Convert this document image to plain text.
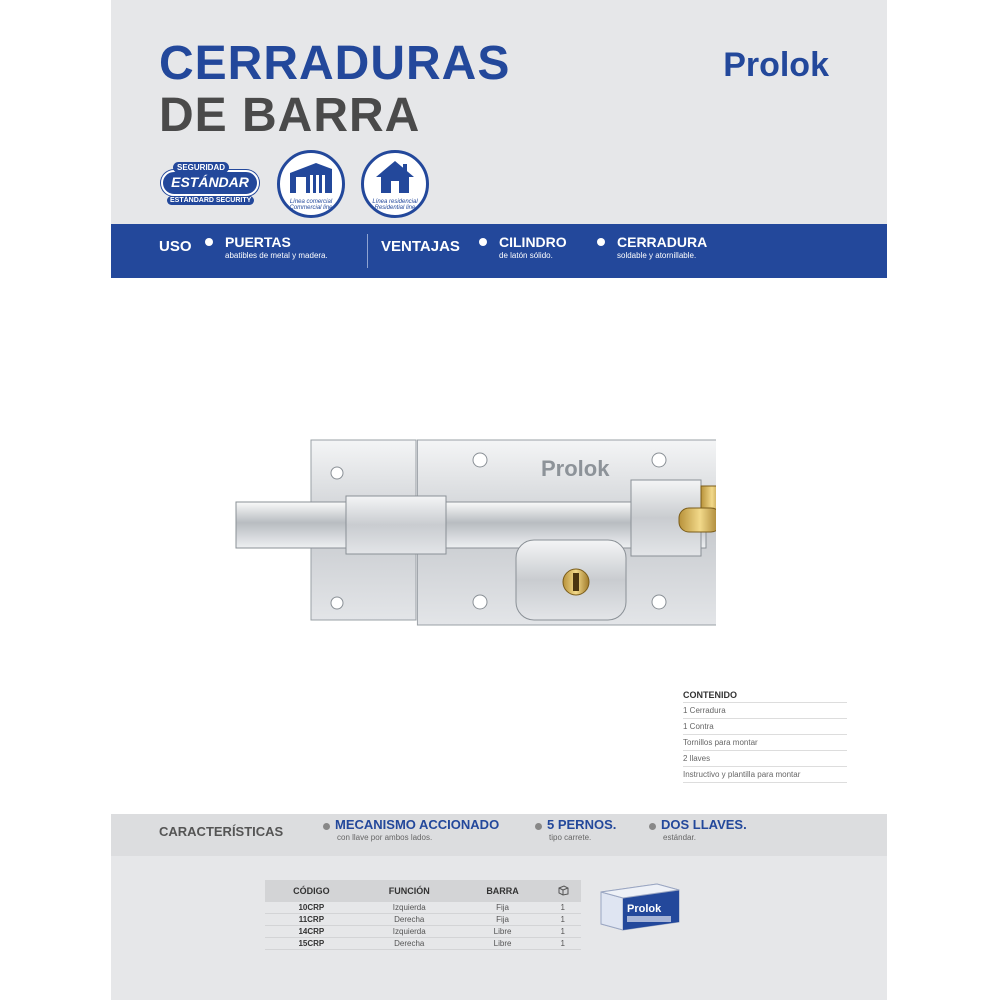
CERRADURAS
DE BARRA
Prolok
SEGURIDAD
ESTÁNDAR
ESTÁNDARD SECURITY	Línea comercial
Commercial line
Línea residencial
Residential line
USO PUERTAS
abatibles de metal y madera.
VENTAJAS	CILINDRO
de latón sólido.
CERRADURA
soldable y atornillable.
Prolok
CONTENIDO
1 Cerradura
1 Contra
Tornillos para montar
2 llaves
Instructivo y plantilla para montar
CARACTERÍSTICAS	MECANISMO ACCIONADO
con llave por ambos lados.
5 PERNOS.
tipo carrete.
DOS LLAVES.
estándar.
CÓDIGO	FUNCIÓN	BARRA	
10CRP	Izquierda	Fija	1
11CRP	Derecha	Fija	1
14CRP	Izquierda	Libre	1
15CRP	Derecha	Libre	1
Prolok
